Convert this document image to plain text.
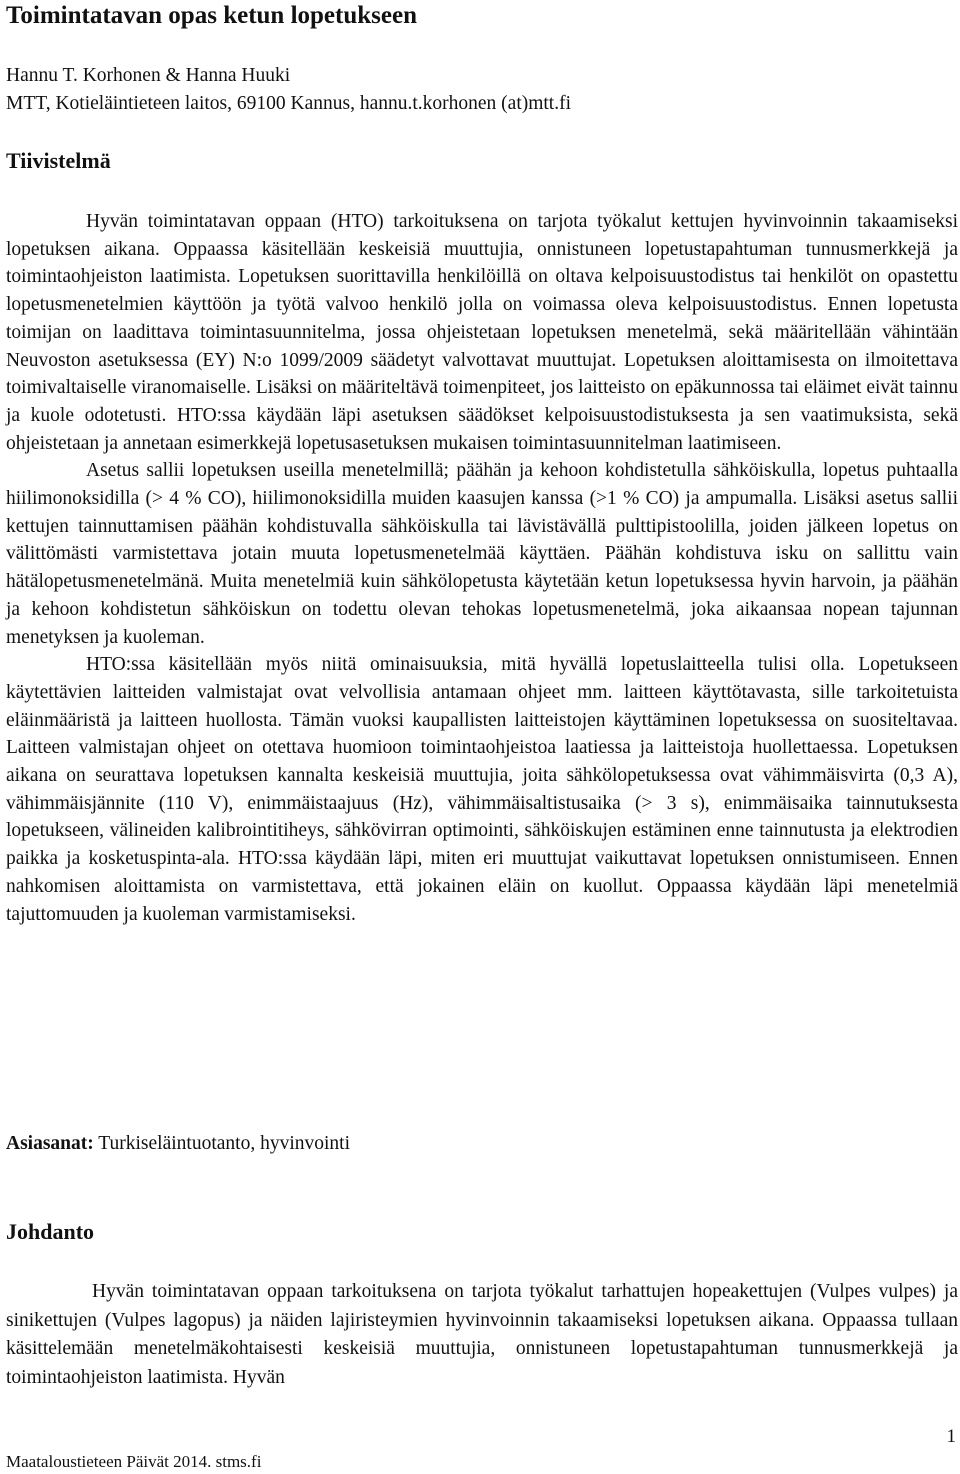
Toimintatavan opas ketun lopetukseen
Hannu T. Korhonen & Hanna Huuki
MTT, Kotieläintieteen laitos, 69100 Kannus, hannu.t.korhonen (at)mtt.fi
Tiivistelmä

Hyvän toimintatavan oppaan (HTO) tarkoituksena on tarjota työkalut kettujen hyvinvoinnin takaamiseksi lopetuksen aikana. Oppaassa käsitellään keskeisiä muuttujia, onnistuneen lopetustapahtuman tunnusmerkkejä ja toimintaohjeiston laatimista. Lopetuksen suorittavilla henkilöillä on oltava kelpoisuustodistus tai henkilöt on opastettu lopetusmenetelmien käyttöön ja työtä valvoo henkilö jolla on voimassa oleva kelpoisuustodistus. Ennen lopetusta toimijan on laadittava toimintasuunnitelma, jossa ohjeistetaan lopetuksen menetelmä, sekä määritellään vähintään Neuvoston asetuksessa (EY) N:o 1099/2009 säädetyt valvottavat muuttujat. Lopetuksen aloittamisesta on ilmoitettava toimivaltaiselle viranomaiselle. Lisäksi on määriteltävä toimenpiteet, jos laitteisto on epäkunnossa tai eläimet eivät tainnu ja kuole odotetusti. HTO:ssa käydään läpi asetuksen säädökset kelpoisuustodistuksesta ja sen vaatimuksista, sekä ohjeistetaan ja annetaan esimerkkejä lopetusasetuksen mukaisen toimintasuunnitelman laatimiseen.

Asetus sallii lopetuksen useilla menetelmillä; päähän ja kehoon kohdistetulla sähköiskulla, lopetus puhtaalla hiilimonoksidilla (> 4 % CO), hiilimonoksidilla muiden kaasujen kanssa (>1 % CO) ja ampumalla. Lisäksi asetus sallii kettujen tainnuttamisen päähän kohdistuvalla sähköiskulla tai lävistävällä pulttipistoolilla, joiden jälkeen lopetus on välittömästi varmistettava jotain muuta lopetusmenetelmää käyttäen. Päähän kohdistuva isku on sallittu vain hätälopetusmenetelmänä. Muita menetelmiä kuin sähkölopetusta käytetään ketun lopetuksessa hyvin harvoin, ja päähän ja kehoon kohdistetun sähköiskun on todettu olevan tehokas lopetusmenetelmä, joka aikaansaa nopean tajunnan menetyksen ja kuoleman.

HTO:ssa käsitellään myös niitä ominaisuuksia, mitä hyvällä lopetuslaitteella tulisi olla. Lopetukseen käytettävien laitteiden valmistajat ovat velvollisia antamaan ohjeet mm. laitteen käyttötavasta, sille tarkoitetuista eläinmääristä ja laitteen huollosta. Tämän vuoksi kaupallisten laitteistojen käyttäminen lopetuksessa on suositeltavaa. Laitteen valmistajan ohjeet on otettava huomioon toimintaohjeistoa laatiessa ja laitteistoja huollettaessa. Lopetuksen aikana on seurattava lopetuksen kannalta keskeisiä muuttujia, joita sähkölopetuksessa ovat vähimmäisvirta (0,3 A), vähimmäisjännite (110 V), enimmäistaajuus (Hz), vähimmäisaltistusaika (> 3 s), enimmäisaika tainnutuksesta lopetukseen, välineiden kalibrointitiheys, sähkövirran optimointi, sähköiskujen estäminen enne tainnutusta ja elektrodien paikka ja kosketuspinta-ala. HTO:ssa käydään läpi, miten eri muuttujat vaikuttavat lopetuksen onnistumiseen. Ennen nahkomisen aloittamista on varmistettava, että jokainen eläin on kuollut. Oppaassa käydään läpi menetelmiä tajuttomuuden ja kuoleman varmistamiseksi.

Asiasanat: Turkiseläintuotanto, hyvinvointi
Johdanto

Hyvän toimintatavan oppaan tarkoituksena on tarjota työkalut tarhattujen hopeakettujen (Vulpes vulpes) ja sinikettujen (Vulpes lagopus) ja näiden lajiristeymien hyvinvoinnin takaamiseksi lopetuksen aikana. Oppaassa tullaan käsittelemään menetelmäkohtaisesti keskeisiä muuttujia, onnistuneen lopetustapahtuman tunnusmerkkejä ja toimintaohjeiston laatimista. Hyvän

Maataloustieteen Päivät 2014. stms.fi
1
